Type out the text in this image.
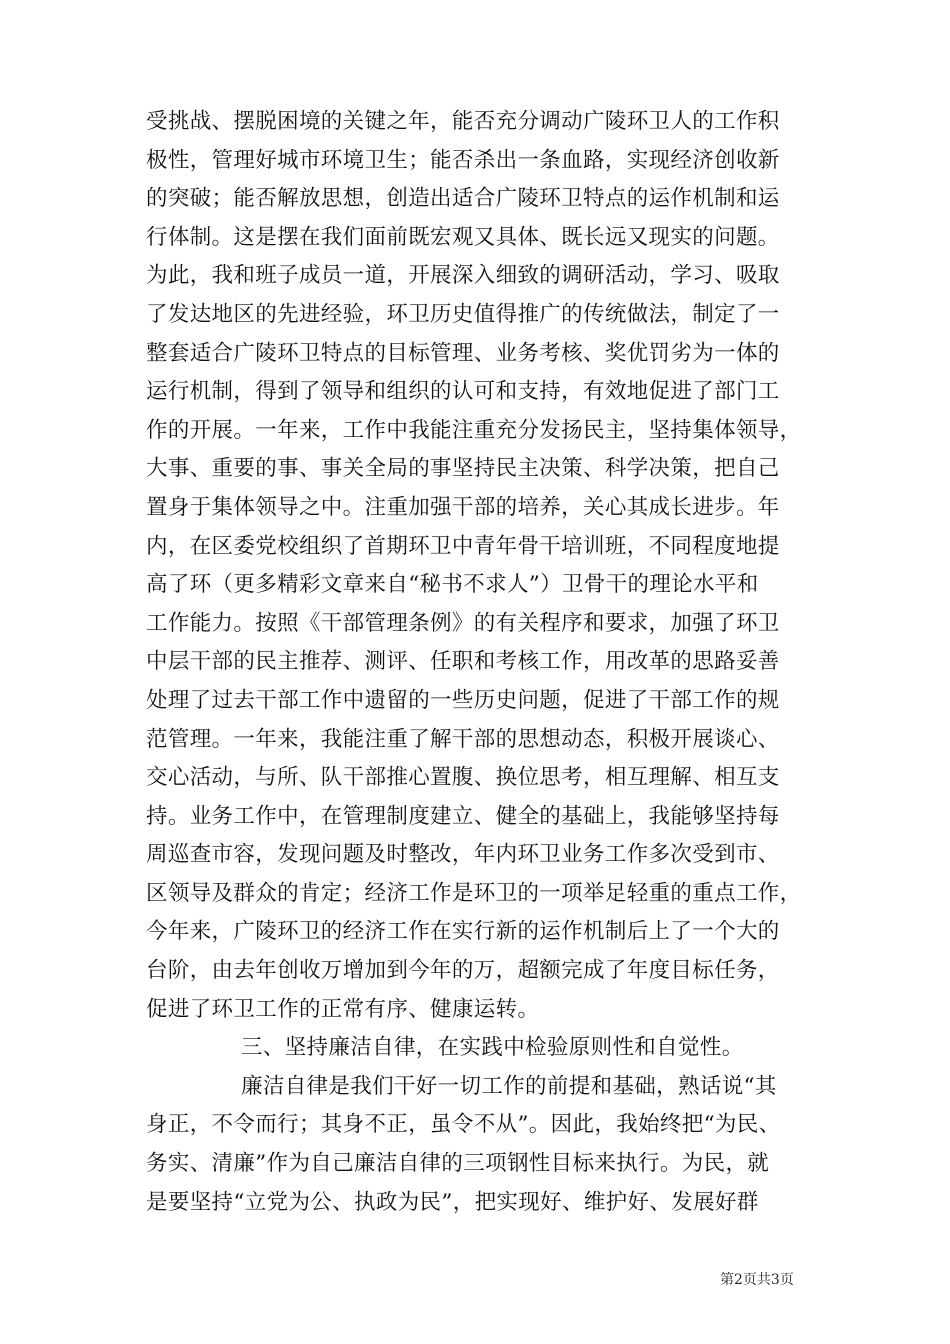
受挑战、摆脱困境的关键之年，能否充分调动广陵环卫人的工作积
极性，管理好城市环境卫生；能否杀出一条血路，实现经济创收新
的突破；能否解放思想，创造出适合广陵环卫特点的运作机制和运
行体制。这是摆在我们面前既宏观又具体、既长远又现实的问题。
为此，我和班子成员一道，开展深入细致的调研活动，学习、吸取
了发达地区的先进经验，环卫历史值得推广的传统做法，制定了一
整套适合广陵环卫特点的目标管理、业务考核、奖优罚劣为一体的
运行机制，得到了领导和组织的认可和支持，有效地促进了部门工
作的开展。一年来，工作中我能注重充分发扬民主，坚持集体领导，
大事、重要的事、事关全局的事坚持民主决策、科学决策，把自己
置身于集体领导之中。注重加强干部的培养，关心其成长进步。年
内，在区委党校组织了首期环卫中青年骨干培训班，不同程度地提
高了环（更多精彩文章来自“秘书不求人”）卫骨干的理论水平和
工作能力。按照《干部管理条例》的有关程序和要求，加强了环卫
中层干部的民主推荐、测评、任职和考核工作，用改革的思路妥善
处理了过去干部工作中遗留的一些历史问题，促进了干部工作的规
范管理。一年来，我能注重了解干部的思想动态，积极开展谈心、
交心活动，与所、队干部推心置腹、换位思考，相互理解、相互支
持。业务工作中，在管理制度建立、健全的基础上，我能够坚持每
周巡查市容，发现问题及时整改，年内环卫业务工作多次受到市、
区领导及群众的肯定；经济工作是环卫的一项举足轻重的重点工作，
今年来，广陵环卫的经济工作在实行新的运作机制后上了一个大的
台阶，由去年创收万增加到今年的万，超额完成了年度目标任务，
促进了环卫工作的正常有序、健康运转。
三、坚持廉洁自律，在实践中检验原则性和自觉性。
廉洁自律是我们干好一切工作的前提和基础，熟话说“其
身正，不令而行；其身不正，虽令不从”。因此，我始终把“为民、
务实、清廉”作为自己廉洁自律的三项钢性目标来执行。为民，就
是要坚持“立党为公、执政为民”，把实现好、维护好、发展好群
第2页共3页
